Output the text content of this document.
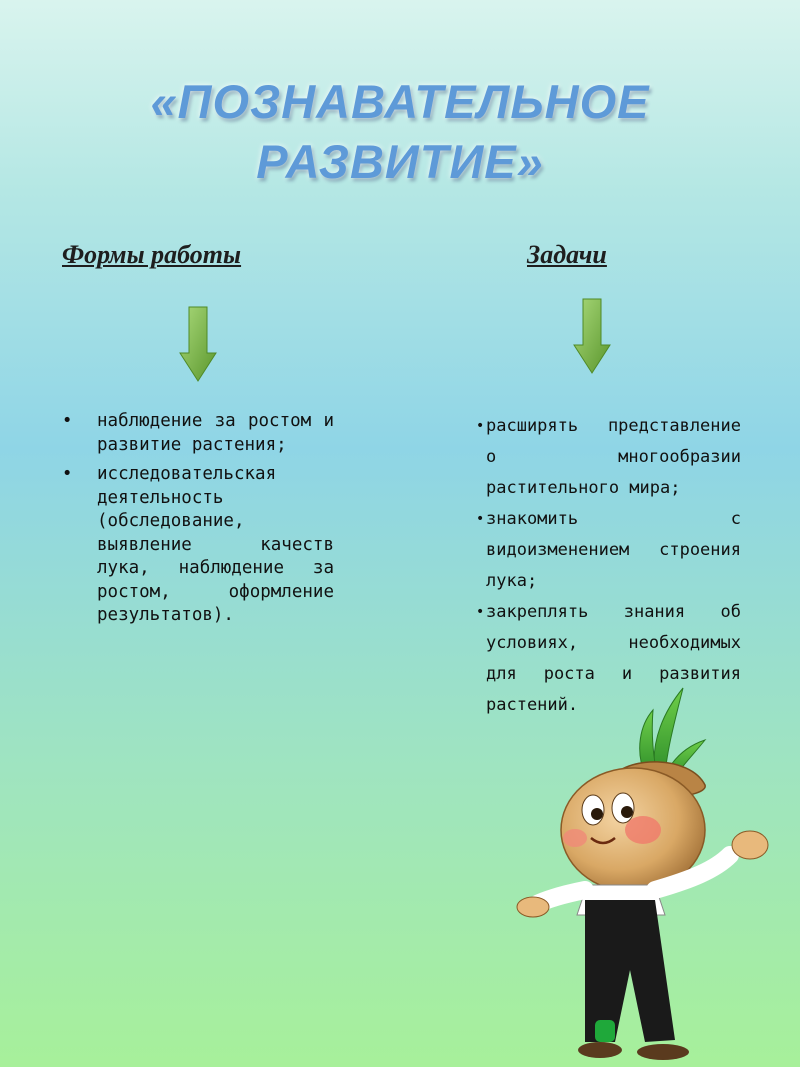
«ПОЗНАВАТЕЛЬНОЕ
РАЗВИТИЕ»
Формы работы	Задачи
• наблюдение за ростом и развитие растения;
• исследовательская деятельность (обследование, выявление качеств лука, наблюдение за ростом, оформление результатов).
• расширять представление о многообразии растительного мира;
• знакомить с видоизменением строения лука;
• закреплять знания об условиях, необходимых для роста и развития растений.
